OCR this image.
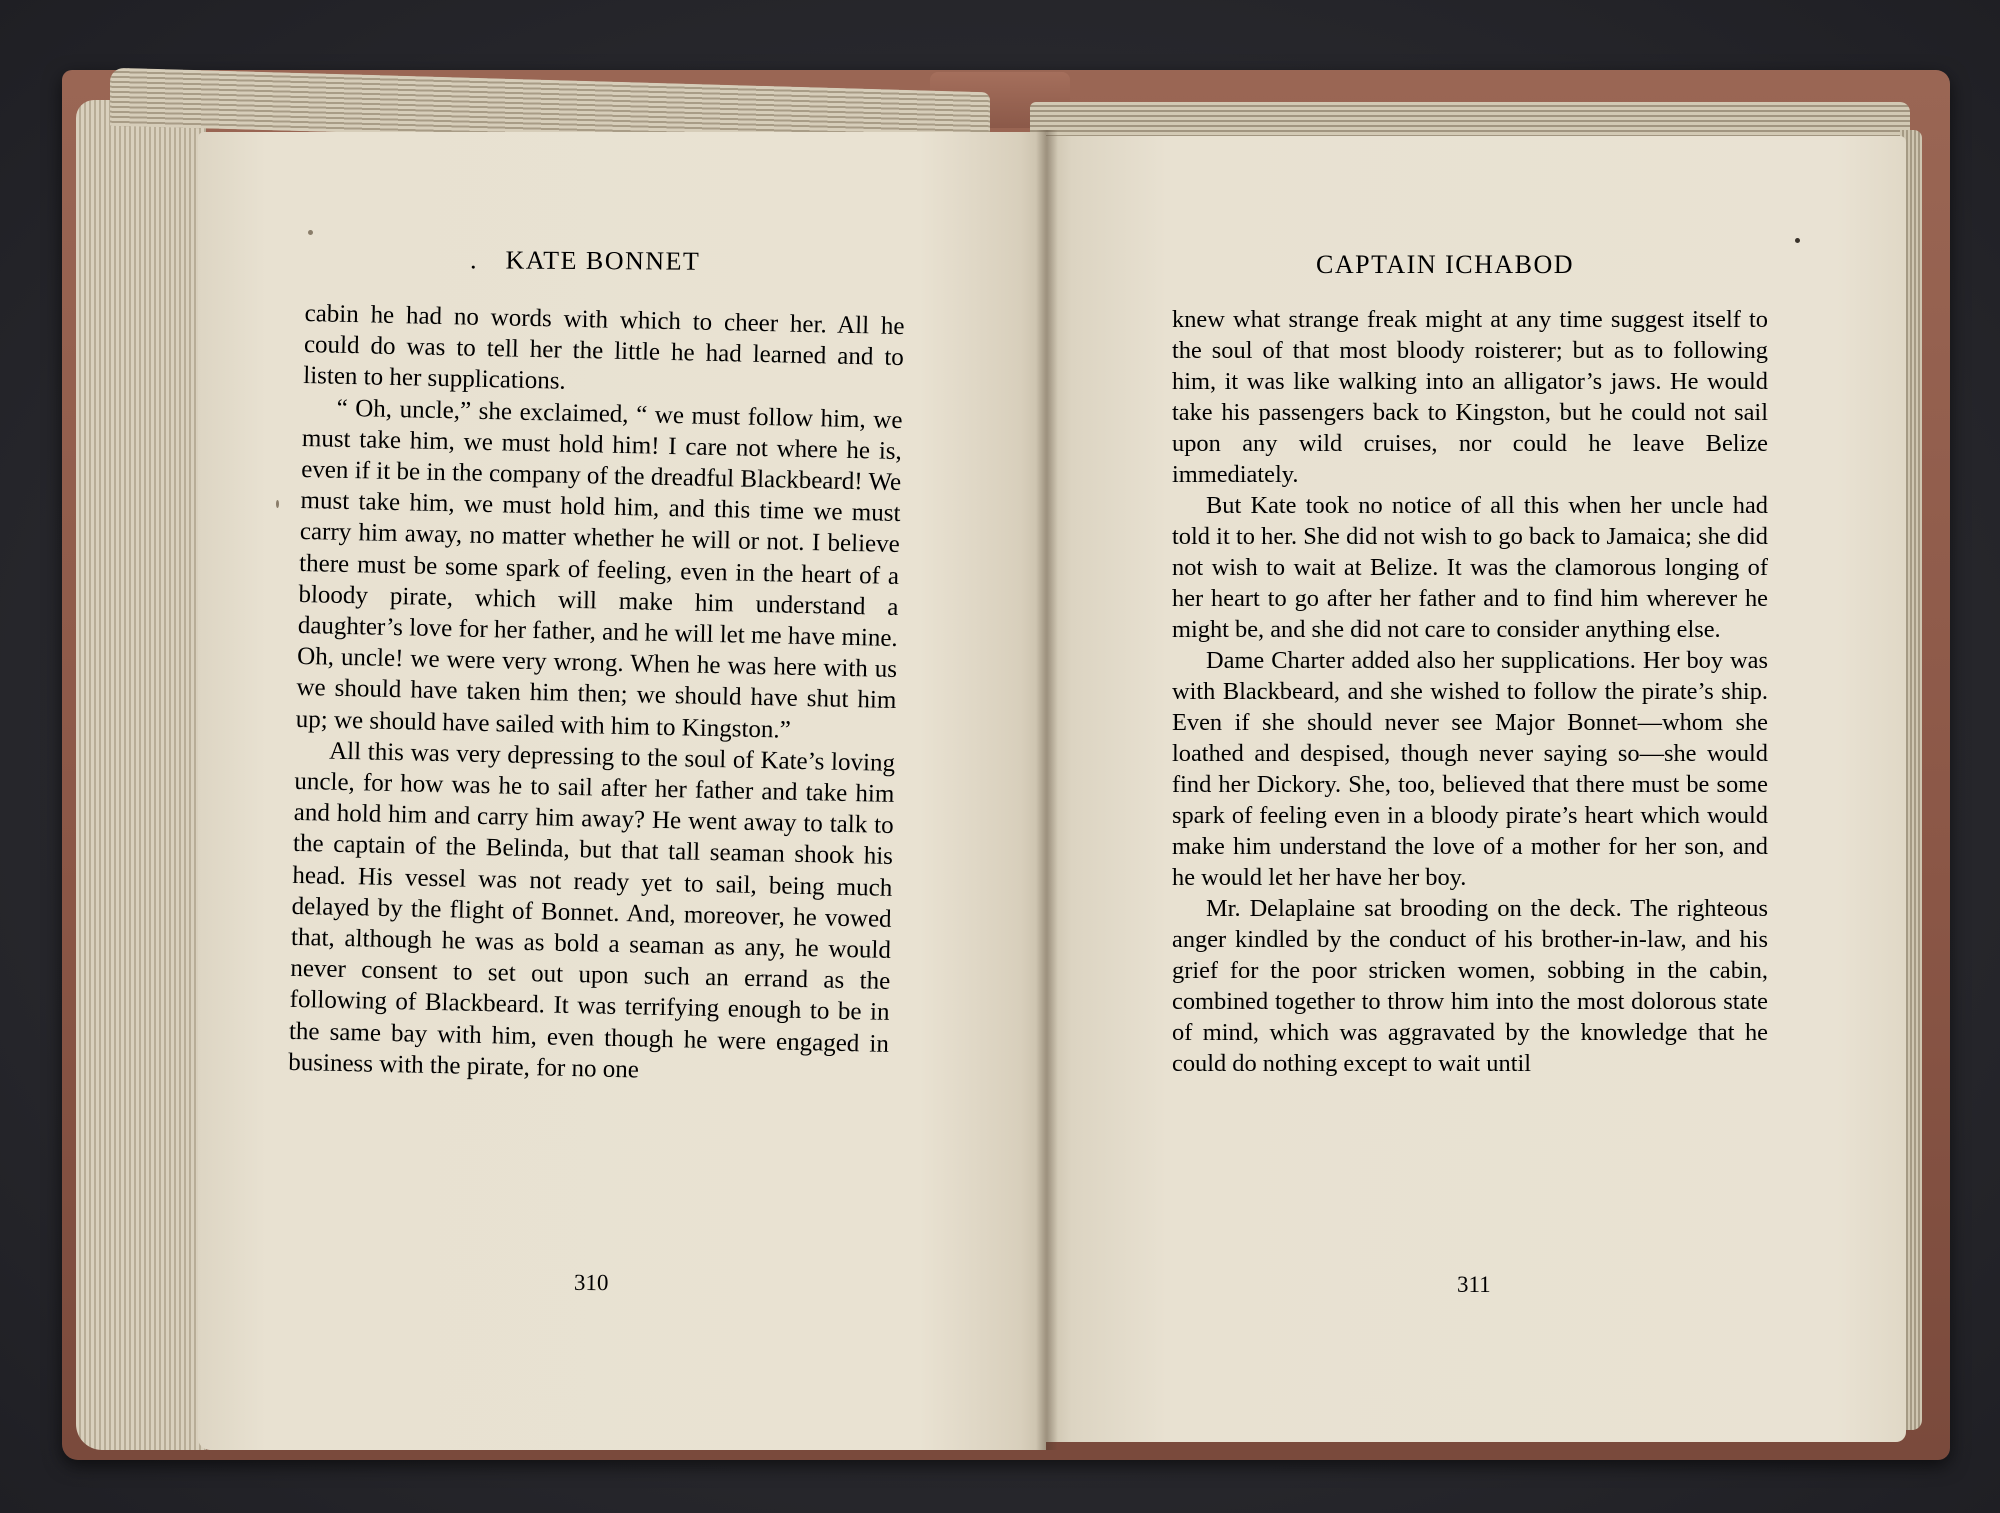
.  KATE BONNET

cabin he had no words with which to cheer her. All he could do was to tell her the little he had learned and to listen to her supplications.

“ Oh, uncle,” she exclaimed, “ we must follow him, we must take him, we must hold him! I care not where he is, even if it be in the company of the dreadful Blackbeard! We must take him, we must hold him, and this time we must carry him away, no matter whether he will or not. I believe there must be some spark of feeling, even in the heart of a bloody pirate, which will make him understand a daughter’s love for her father, and he will let me have mine. Oh, uncle! we were very wrong. When he was here with us we should have taken him then; we should have shut him up; we should have sailed with him to Kingston.”

All this was very depressing to the soul of Kate’s loving uncle, for how was he to sail after her father and take him and hold him and carry him away? He went away to talk to the captain of the Belinda, but that tall seaman shook his head. His vessel was not ready yet to sail, being much delayed by the flight of Bonnet. And, moreover, he vowed that, although he was as bold a seaman as any, he would never consent to set out upon such an errand as the following of Blackbeard. It was terrifying enough to be in the same bay with him, even though he were engaged in business with the pirate, for no one

310
CAPTAIN ICHABOD

knew what strange freak might at any time suggest itself to the soul of that most bloody roisterer; but as to following him, it was like walking into an alligator’s jaws. He would take his passengers back to Kingston, but he could not sail upon any wild cruises, nor could he leave Belize immediately.

But Kate took no notice of all this when her uncle had told it to her. She did not wish to go back to Jamaica; she did not wish to wait at Belize. It was the clamorous longing of her heart to go after her father and to find him wherever he might be, and she did not care to consider anything else.

Dame Charter added also her supplications. Her boy was with Blackbeard, and she wished to follow the pirate’s ship. Even if she should never see Major Bonnet—whom she loathed and despised, though never saying so—she would find her Dickory. She, too, believed that there must be some spark of feeling even in a bloody pirate’s heart which would make him understand the love of a mother for her son, and he would let her have her boy.

Mr. Delaplaine sat brooding on the deck. The righteous anger kindled by the conduct of his brother-in-law, and his grief for the poor stricken women, sobbing in the cabin, combined together to throw him into the most dolorous state of mind, which was aggravated by the knowledge that he could do nothing except to wait until

311
